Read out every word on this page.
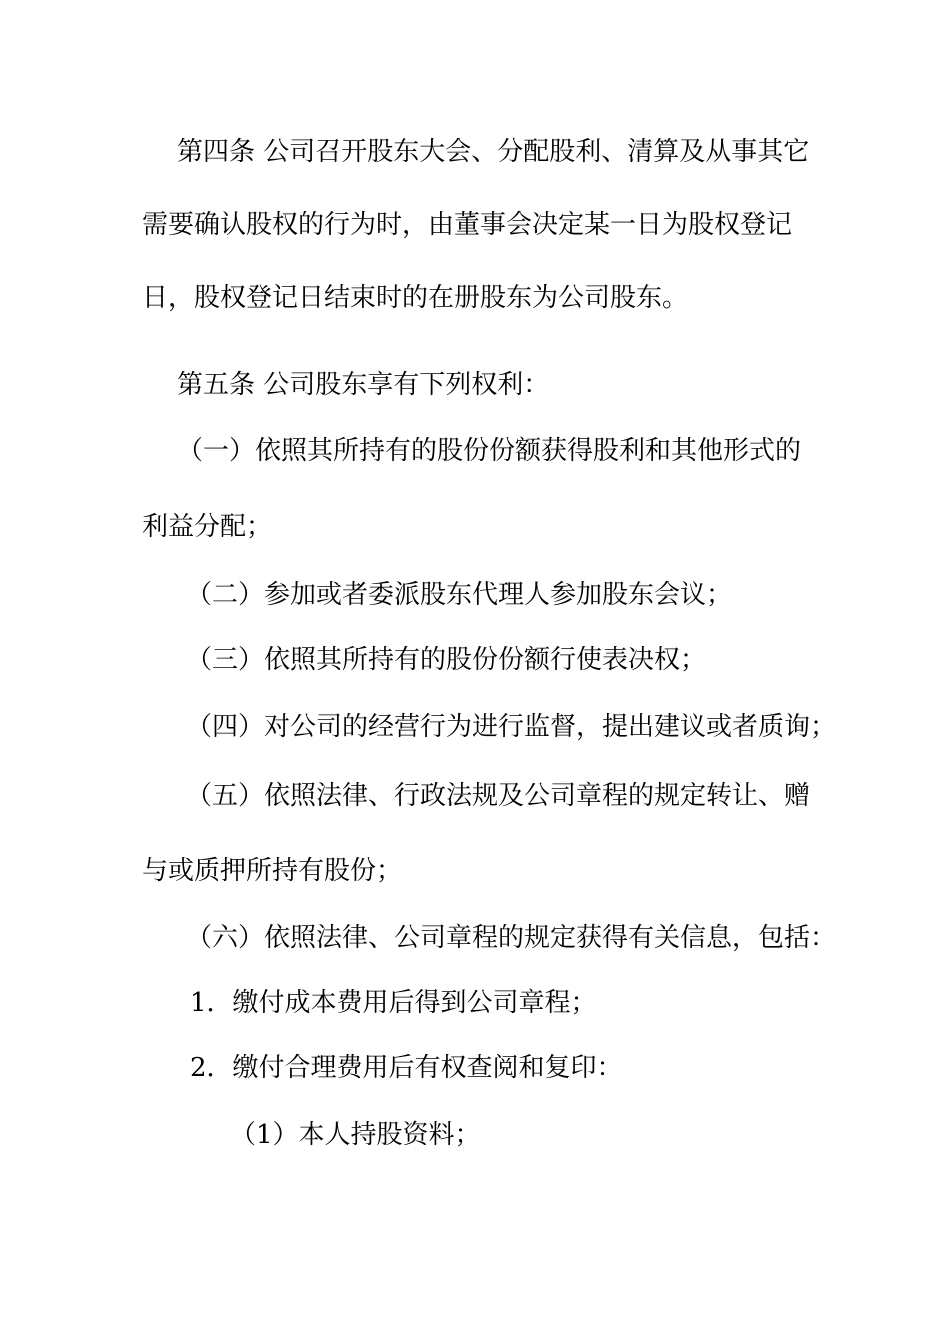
第四条 公司召开股东大会、分配股利、清算及从事其它
需要确认股权的行为时，由董事会决定某一日为股权登记
日，股权登记日结束时的在册股东为公司股东。
第五条 公司股东享有下列权利：
（一）依照其所持有的股份份额获得股利和其他形式的
利益分配；
（二）参加或者委派股东代理人参加股东会议；
（三）依照其所持有的股份份额行使表决权；
（四）对公司的经营行为进行监督，提出建议或者质询；
（五）依照法律、行政法规及公司章程的规定转让、赠
与或质押所持有股份；
（六）依照法律、公司章程的规定获得有关信息，包括：
1．缴付成本费用后得到公司章程；
2．缴付合理费用后有权查阅和复印：
（1）本人持股资料；
